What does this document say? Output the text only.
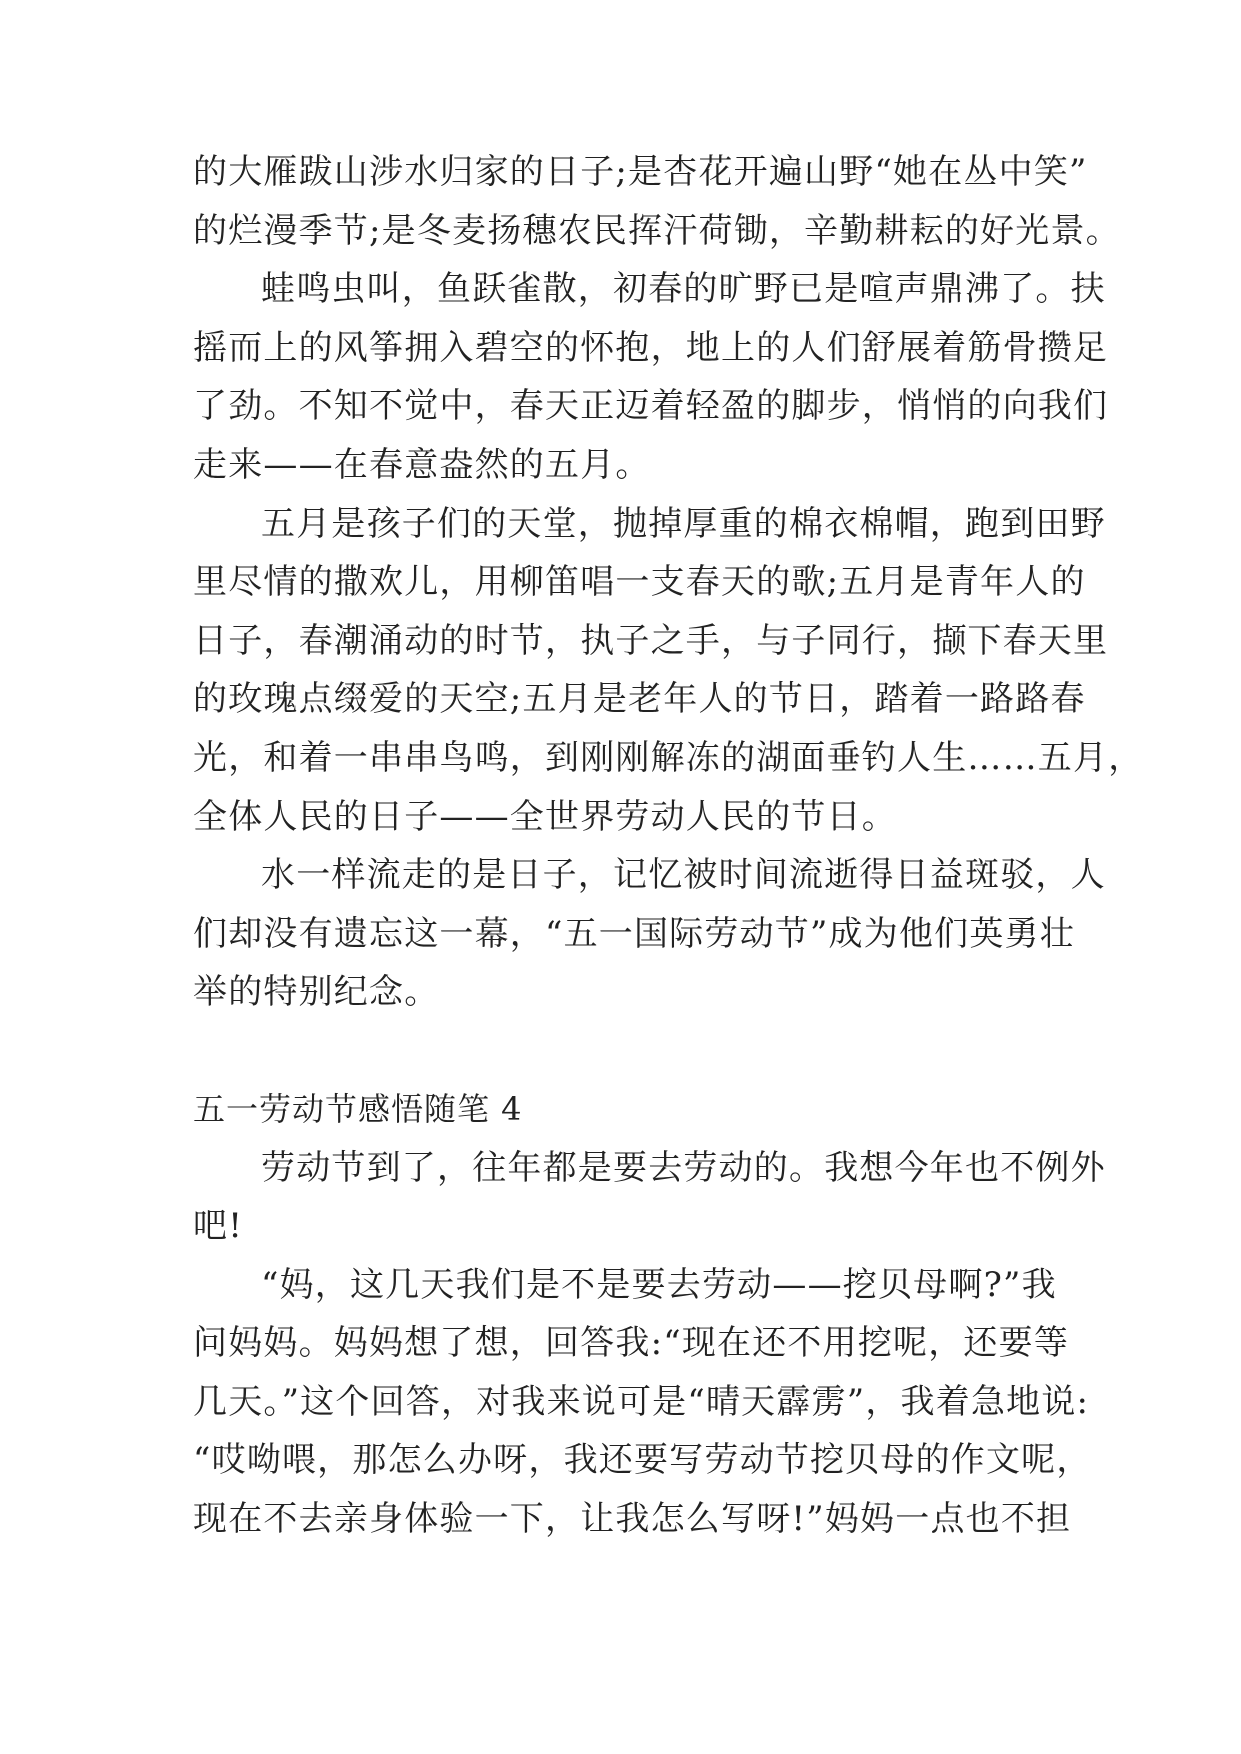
的大雁跋山涉水归家的日子;是杏花开遍山野“她在丛中笑”
的烂漫季节;是冬麦扬穗农民挥汗荷锄，辛勤耕耘的好光景。
蛙鸣虫叫，鱼跃雀散，初春的旷野已是喧声鼎沸了。扶
摇而上的风筝拥入碧空的怀抱，地上的人们舒展着筋骨攒足
了劲。不知不觉中，春天正迈着轻盈的脚步，悄悄的向我们
走来——在春意盎然的五月。
五月是孩子们的天堂，抛掉厚重的棉衣棉帽，跑到田野
里尽情的撒欢儿，用柳笛唱一支春天的歌;五月是青年人的
日子，春潮涌动的时节，执子之手，与子同行，撷下春天里
的玫瑰点缀爱的天空;五月是老年人的节日，踏着一路路春
光，和着一串串鸟鸣，到刚刚解冻的湖面垂钓人生……五月，
全体人民的日子——全世界劳动人民的节日。
水一样流走的是日子，记忆被时间流逝得日益斑驳，人
们却没有遗忘这一幕，“五一国际劳动节”成为他们英勇壮
举的特别纪念。
五一劳动节感悟随笔 4
劳动节到了，往年都是要去劳动的。我想今年也不例外
吧!
“妈，这几天我们是不是要去劳动——挖贝母啊?”我
问妈妈。妈妈想了想，回答我:“现在还不用挖呢，还要等
几天。”这个回答，对我来说可是“晴天霹雳”，我着急地说:
“哎呦喂，那怎么办呀，我还要写劳动节挖贝母的作文呢，
现在不去亲身体验一下，让我怎么写呀!”妈妈一点也不担
